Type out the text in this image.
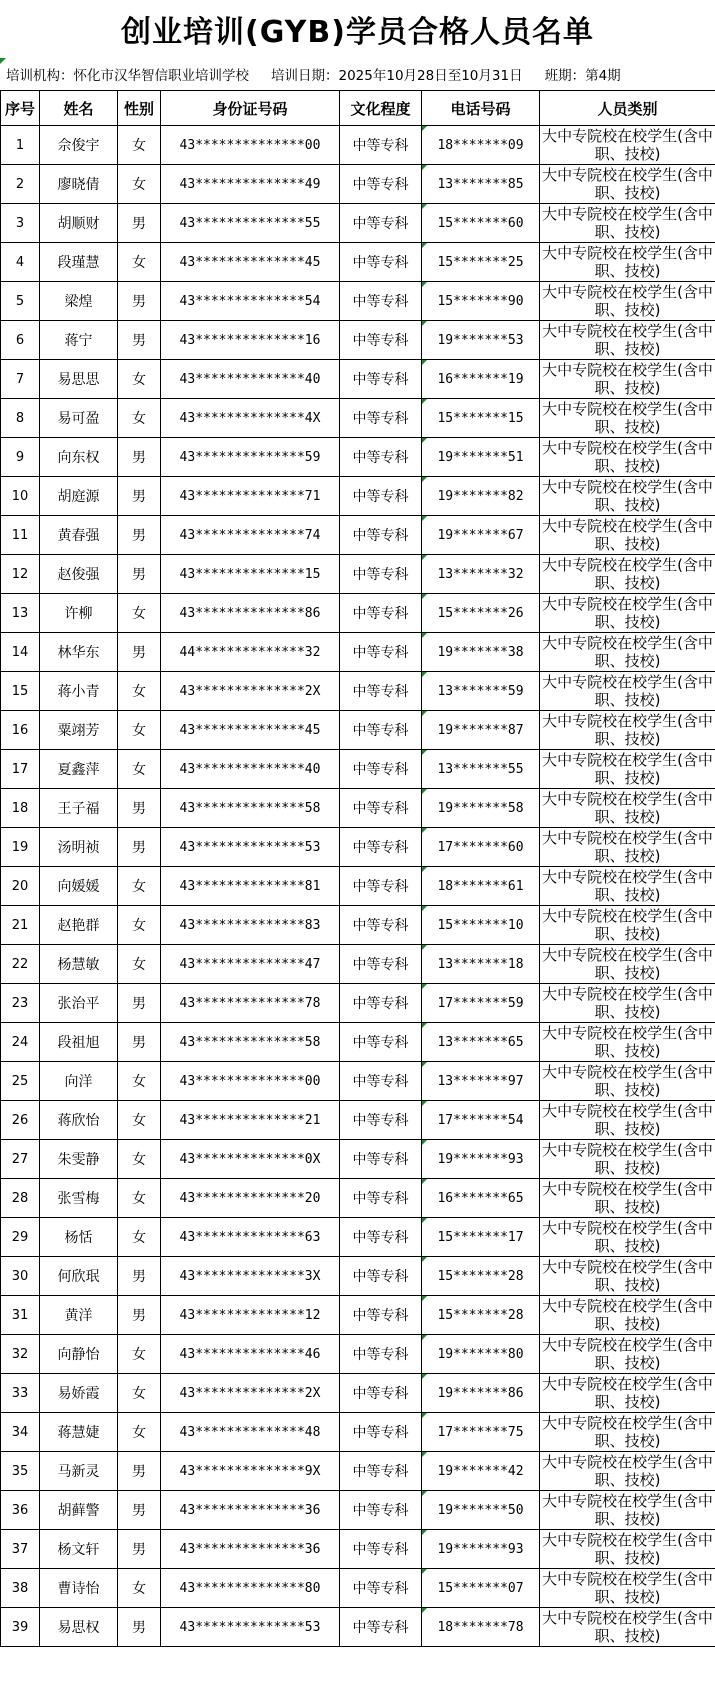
创业培训(GYB)学员合格人员名单
培训机构：怀化市汉华智信职业培训学校 培训日期：2025年10月28日至10月31日 班期：第4期
序号	姓名	性别	身份证号码	文化程度	电话号码	人员类别
1	佘俊宇	女	43**************00	中等专科	18*******09	大中专院校在校学生(含中职、技校)
2	廖晓倩	女	43**************49	中等专科	13*******85	大中专院校在校学生(含中职、技校)
3	胡顺财	男	43**************55	中等专科	15*******60	大中专院校在校学生(含中职、技校)
4	段瑾慧	女	43**************45	中等专科	15*******25	大中专院校在校学生(含中职、技校)
5	梁煌	男	43**************54	中等专科	15*******90	大中专院校在校学生(含中职、技校)
6	蒋宁	男	43**************16	中等专科	19*******53	大中专院校在校学生(含中职、技校)
7	易思思	女	43**************40	中等专科	16*******19	大中专院校在校学生(含中职、技校)
8	易可盈	女	43**************4X	中等专科	15*******15	大中专院校在校学生(含中职、技校)
9	向东权	男	43**************59	中等专科	19*******51	大中专院校在校学生(含中职、技校)
10	胡庭源	男	43**************71	中等专科	19*******82	大中专院校在校学生(含中职、技校)
11	黄春强	男	43**************74	中等专科	19*******67	大中专院校在校学生(含中职、技校)
12	赵俊强	男	43**************15	中等专科	13*******32	大中专院校在校学生(含中职、技校)
13	许柳	女	43**************86	中等专科	15*******26	大中专院校在校学生(含中职、技校)
14	林华东	男	44**************32	中等专科	19*******38	大中专院校在校学生(含中职、技校)
15	蒋小青	女	43**************2X	中等专科	13*******59	大中专院校在校学生(含中职、技校)
16	粟翊芳	女	43**************45	中等专科	19*******87	大中专院校在校学生(含中职、技校)
17	夏鑫萍	女	43**************40	中等专科	13*******55	大中专院校在校学生(含中职、技校)
18	王子福	男	43**************58	中等专科	19*******58	大中专院校在校学生(含中职、技校)
19	汤明祯	男	43**************53	中等专科	17*******60	大中专院校在校学生(含中职、技校)
20	向媛媛	女	43**************81	中等专科	18*******61	大中专院校在校学生(含中职、技校)
21	赵艳群	女	43**************83	中等专科	15*******10	大中专院校在校学生(含中职、技校)
22	杨慧敏	女	43**************47	中等专科	13*******18	大中专院校在校学生(含中职、技校)
23	张治平	男	43**************78	中等专科	17*******59	大中专院校在校学生(含中职、技校)
24	段祖旭	男	43**************58	中等专科	13*******65	大中专院校在校学生(含中职、技校)
25	向洋	女	43**************00	中等专科	13*******97	大中专院校在校学生(含中职、技校)
26	蒋欣怡	女	43**************21	中等专科	17*******54	大中专院校在校学生(含中职、技校)
27	朱雯静	女	43**************0X	中等专科	19*******93	大中专院校在校学生(含中职、技校)
28	张雪梅	女	43**************20	中等专科	16*******65	大中专院校在校学生(含中职、技校)
29	杨恬	女	43**************63	中等专科	15*******17	大中专院校在校学生(含中职、技校)
30	何欣珉	男	43**************3X	中等专科	15*******28	大中专院校在校学生(含中职、技校)
31	黄洋	男	43**************12	中等专科	15*******28	大中专院校在校学生(含中职、技校)
32	向静怡	女	43**************46	中等专科	19*******80	大中专院校在校学生(含中职、技校)
33	易娇霞	女	43**************2X	中等专科	19*******86	大中专院校在校学生(含中职、技校)
34	蒋慧婕	女	43**************48	中等专科	17*******75	大中专院校在校学生(含中职、技校)
35	马新灵	男	43**************9X	中等专科	19*******42	大中专院校在校学生(含中职、技校)
36	胡藓警	男	43**************36	中等专科	19*******50	大中专院校在校学生(含中职、技校)
37	杨文轩	男	43**************36	中等专科	19*******93	大中专院校在校学生(含中职、技校)
38	曹诗怡	女	43**************80	中等专科	15*******07	大中专院校在校学生(含中职、技校)
39	易思权	男	43**************53	中等专科	18*******78	大中专院校在校学生(含中职、技校)
